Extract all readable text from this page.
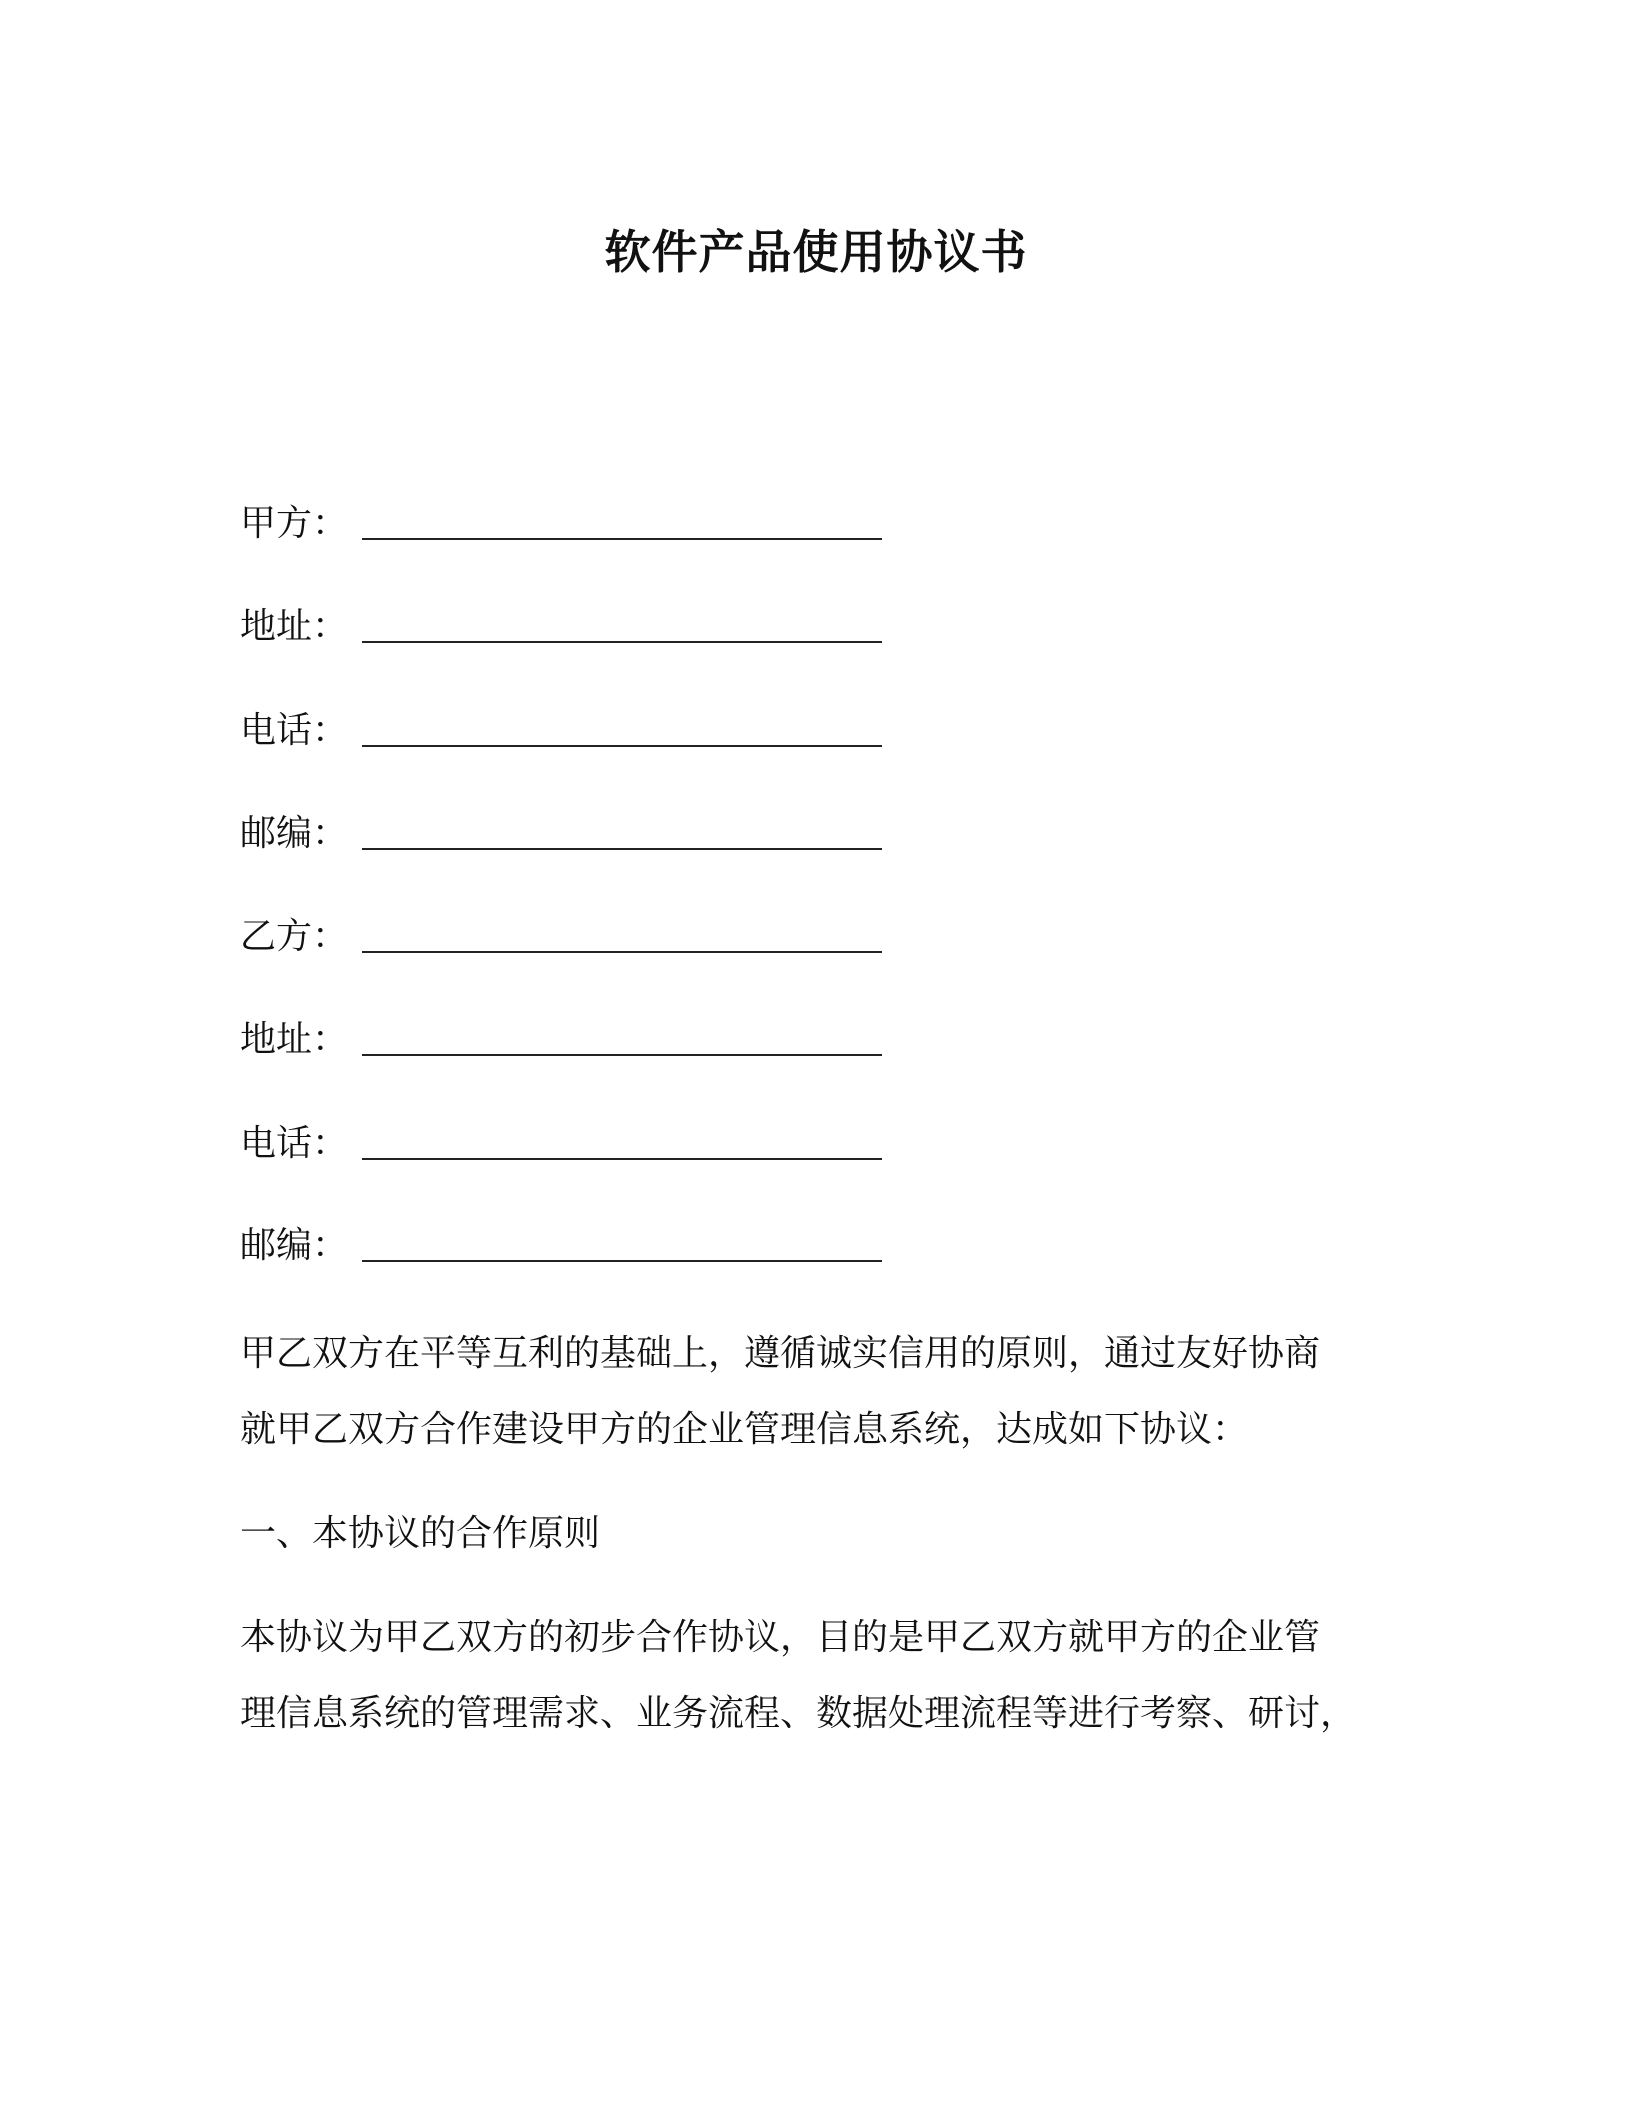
软件产品使用协议书
甲方：
地址：
电话：
邮编：
乙方：
地址：
电话：
邮编：
甲乙双方在平等互利的基础上，遵循诚实信用的原则，通过友好协商
就甲乙双方合作建设甲方的企业管理信息系统，达成如下协议：
一、本协议的合作原则
本协议为甲乙双方的初步合作协议，目的是甲乙双方就甲方的企业管
理信息系统的管理需求、业务流程、数据处理流程等进行考察、研讨，
